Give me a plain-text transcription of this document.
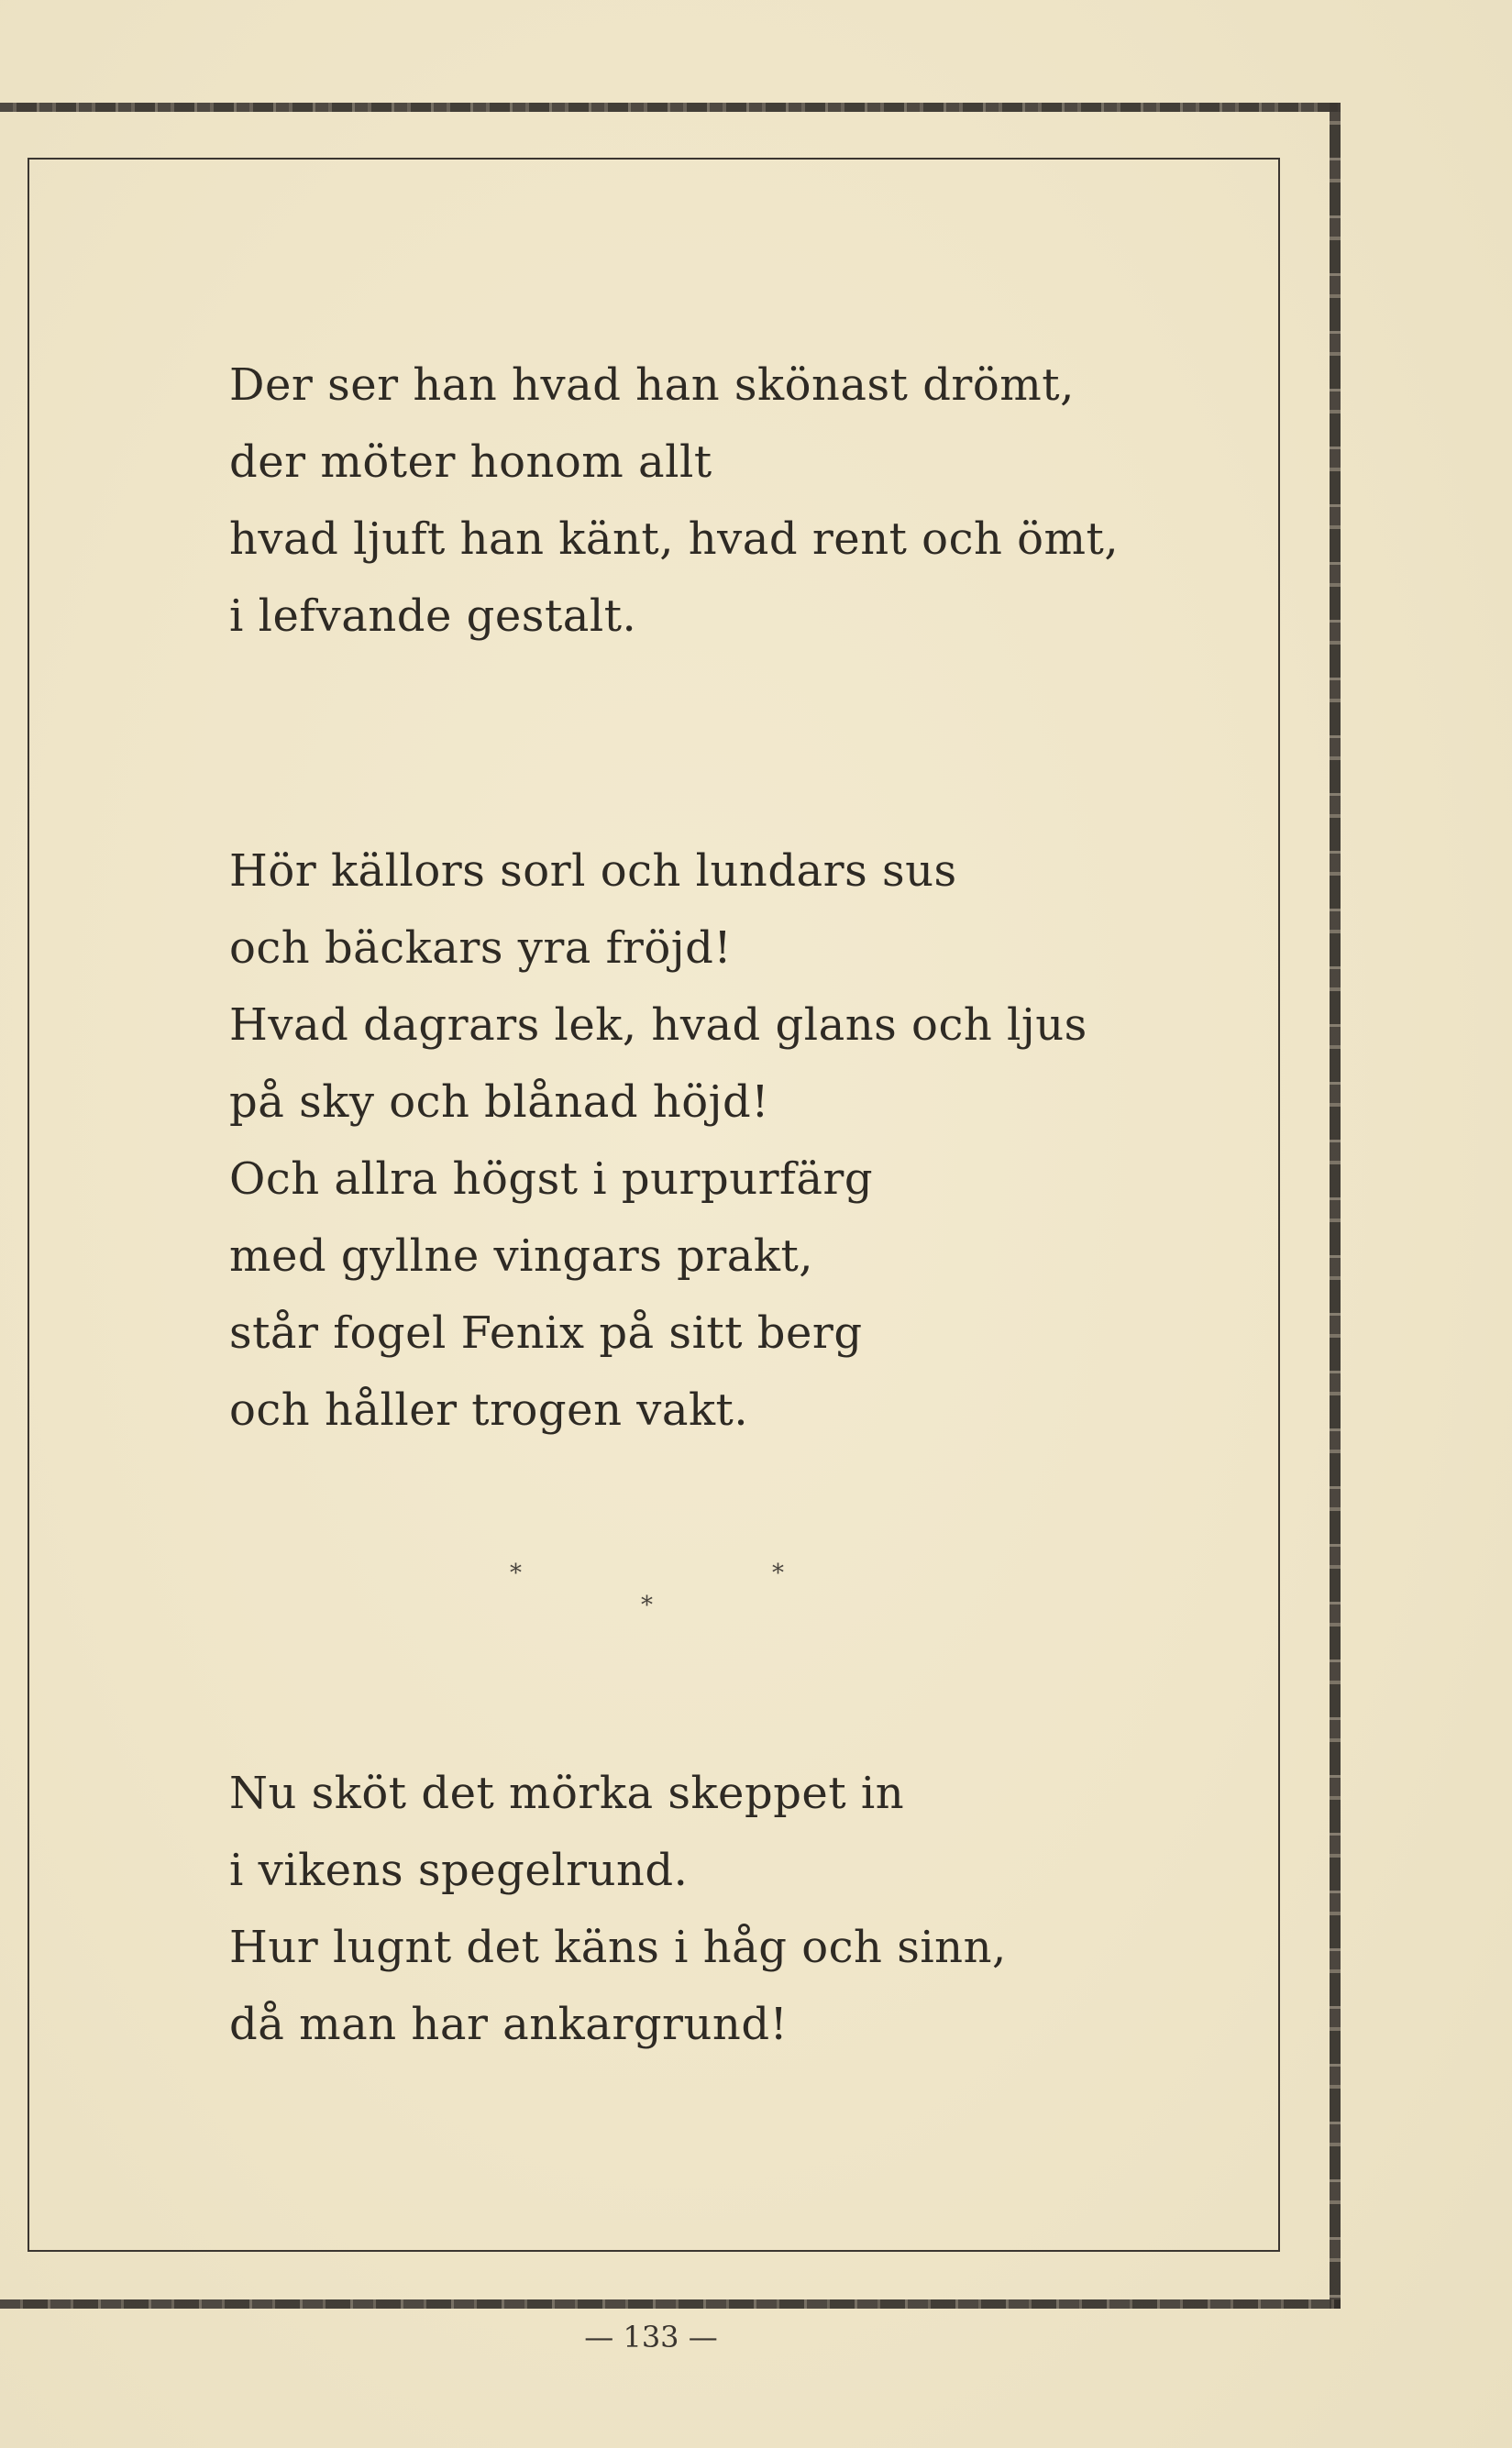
Der ser han hvad han skönast drömt,
der möter honom allt
hvad ljuft han känt, hvad rent och ömt,
i lefvande gestalt.
Hör källors sorl och lundars sus
och bäckars yra fröjd!
Hvad dagrars lek, hvad glans och ljus
på sky och blånad höjd!
Och allra högst i purpurfärg
med gyllne vingars prakt,
står fogel Fenix på sitt berg
och håller trogen vakt.
*	*
*
Nu sköt det mörka skeppet in
i vikens spegelrund.
Hur lugnt det käns i håg och sinn,
då man har ankargrund!
— 133 —
